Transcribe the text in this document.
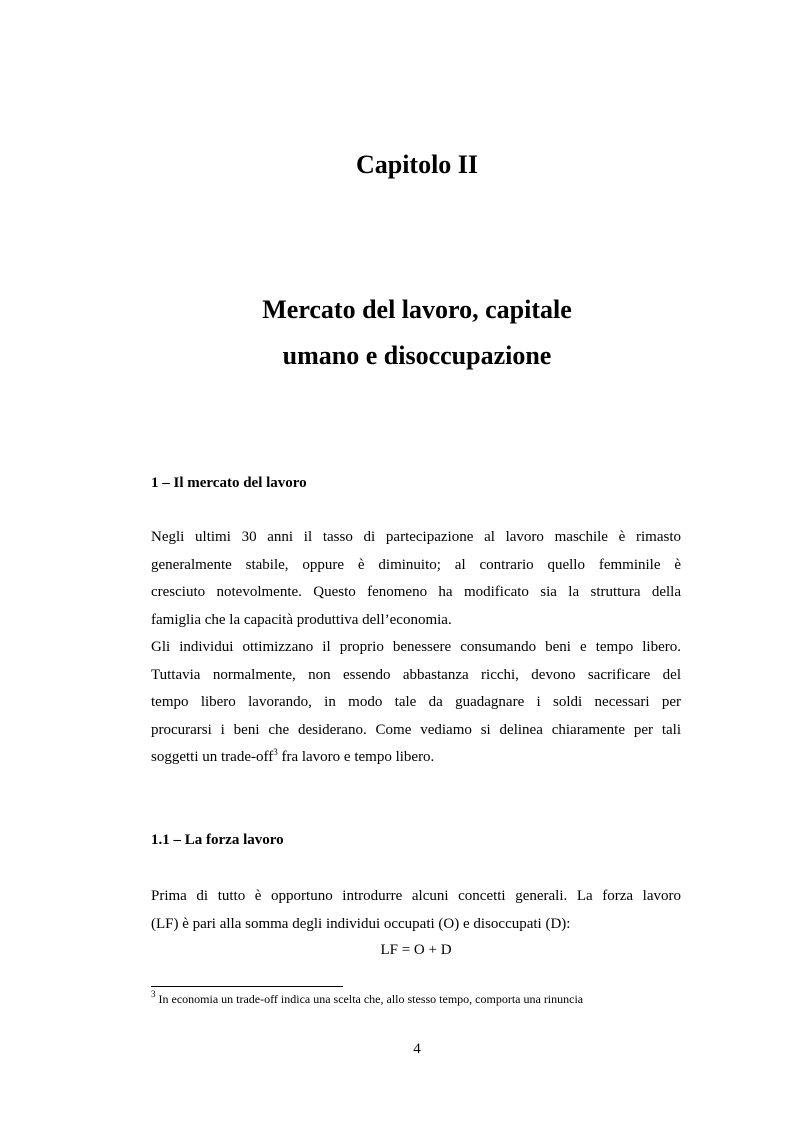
Capitolo II
Mercato del lavoro, capitale
umano e disoccupazione
1 – Il mercato del lavoro

Negli ultimi 30 anni il tasso di partecipazione al lavoro maschile è rimasto
generalmente stabile, oppure è diminuito; al contrario quello femminile è
cresciuto notevolmente. Questo fenomeno ha modificato sia la struttura della
famiglia che la capacità produttiva dell’economia.

Gli individui ottimizzano il proprio benessere consumando beni e tempo libero.
Tuttavia normalmente, non essendo abbastanza ricchi, devono sacrificare del
tempo libero lavorando, in modo tale da guadagnare i soldi necessari per
procurarsi i beni che desiderano. Come vediamo si delinea chiaramente per tali
soggetti un trade-off$^3$ fra lavoro e tempo libero.

1.1 – La forza lavoro

Prima di tutto è opportuno introdurre alcuni concetti generali. La forza lavoro
(LF) è pari alla somma degli individui occupati (O) e disoccupati (D):

LF = O + D
$^3$ In economia un trade-off indica una scelta che, allo stesso tempo, comporta una rinuncia
4
